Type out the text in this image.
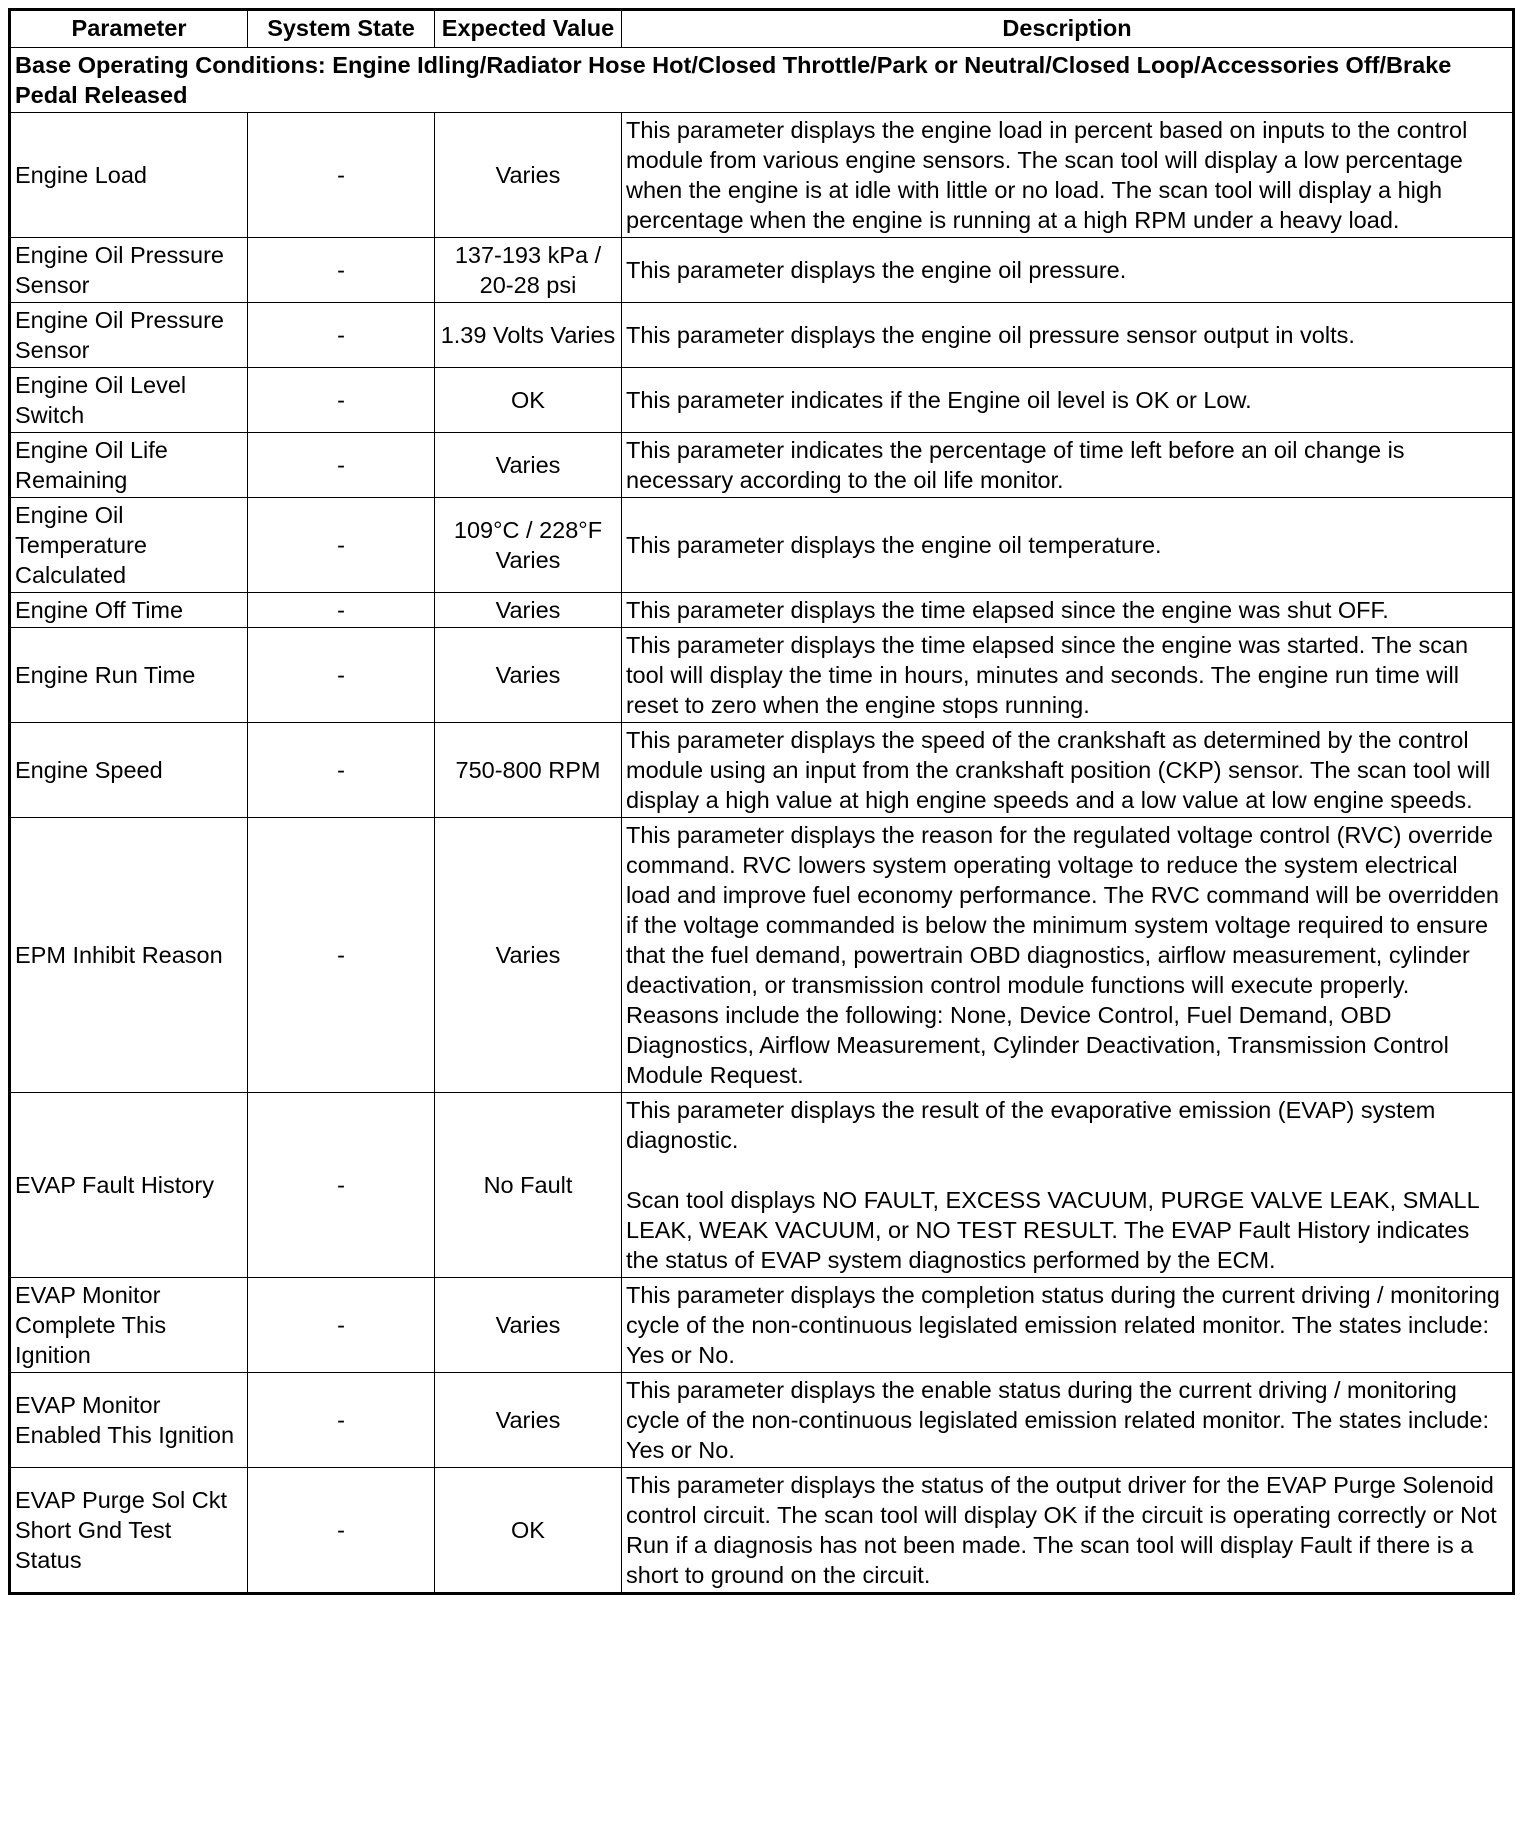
Parameter	System State	Expected Value	Description
Base Operating Conditions: Engine Idling/Radiator Hose Hot/Closed Throttle/Park or Neutral/Closed Loop/Accessories Off/Brake Pedal Released			
Engine Load	-	Varies	This parameter displays the engine load in percent based on inputs to the control module from various engine sensors. The scan tool will display a low percentage when the engine is at idle with little or no load. The scan tool will display a high percentage when the engine is running at a high RPM under a heavy load.

Engine Oil Pressure Sensor	-	137-193 kPa / 20-28 psi	This parameter displays the engine oil pressure.

Engine Oil Pressure Sensor	-	1.39 Volts Varies	This parameter displays the engine oil pressure sensor output in volts.

Engine Oil Level Switch	-	OK	This parameter indicates if the Engine oil level is OK or Low.

Engine Oil Life Remaining	-	Varies	This parameter indicates the percentage of time left before an oil change is necessary according to the oil life monitor.

Engine Oil Temperature Calculated	-	109°C / 228°F Varies	This parameter displays the engine oil temperature.

Engine Off Time	-	Varies	This parameter displays the time elapsed since the engine was shut OFF.

Engine Run Time	-	Varies	This parameter displays the time elapsed since the engine was started. The scan tool will display the time in hours, minutes and seconds. The engine run time will reset to zero when the engine stops running.

Engine Speed	-	750-800 RPM	This parameter displays the speed of the crankshaft as determined by the control module using an input from the crankshaft position (CKP) sensor. The scan tool will display a high value at high engine speeds and a low value at low engine speeds.

EPM Inhibit Reason	-	Varies	This parameter displays the reason for the regulated voltage control (RVC) override command. RVC lowers system operating voltage to reduce the system electrical load and improve fuel economy performance. The RVC command will be overridden if the voltage commanded is below the minimum system voltage required to ensure that the fuel demand, powertrain OBD diagnostics, airflow measurement, cylinder deactivation, or transmission control module functions will execute properly. Reasons include the following: None, Device Control, Fuel Demand, OBD Diagnostics, Airflow Measurement, Cylinder Deactivation, Transmission Control Module Request.

EVAP Fault History	-	No Fault	This parameter displays the result of the evaporative emission (EVAP) system diagnostic.
Scan tool displays NO FAULT, EXCESS VACUUM, PURGE VALVE LEAK, SMALL LEAK, WEAK VACUUM, or NO TEST RESULT. The EVAP Fault History indicates the status of EVAP system diagnostics performed by the ECM.

EVAP Monitor Complete This Ignition	-	Varies	This parameter displays the completion status during the current driving / monitoring cycle of the non-continuous legislated emission related monitor. The states include: Yes or No.

EVAP Monitor Enabled This Ignition	-	Varies	This parameter displays the enable status during the current driving / monitoring cycle of the non-continuous legislated emission related monitor. The states include: Yes or No.

EVAP Purge Sol Ckt Short Gnd Test Status	-	OK	This parameter displays the status of the output driver for the EVAP Purge Solenoid control circuit. The scan tool will display OK if the circuit is operating correctly or Not Run if a diagnosis has not been made. The scan tool will display Fault if there is a short to ground on the circuit.
